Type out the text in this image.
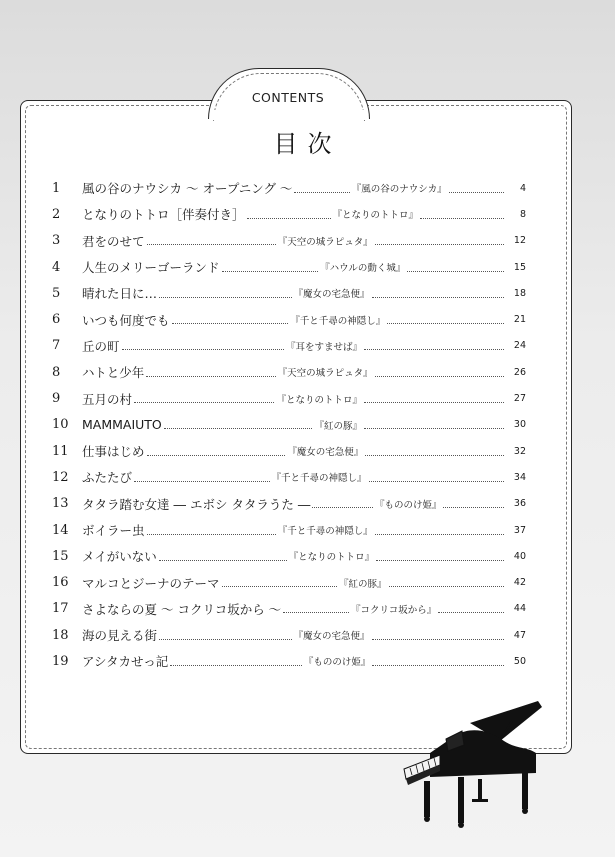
CONTENTS
目次
1	風の谷のナウシカ ～ オープニング ～	『風の谷のナウシカ』	4
2	となりのトトロ［伴奏付き］	『となりのトトロ』	8
3	君をのせて	『天空の城ラピュタ』	12
4	人生のメリーゴーランド	『ハウルの動く城』	15
5	晴れた日に…	『魔女の宅急便』	18
6	いつも何度でも	『千と千尋の神隠し』	21
7	丘の町	『耳をすませば』	24
8	ハトと少年	『天空の城ラピュタ』	26
9	五月の村	『となりのトトロ』	27
10	MAMMAIUTO	『紅の豚』	30
11	仕事はじめ	『魔女の宅急便』	32
12	ふたたび	『千と千尋の神隠し』	34
13	タタラ踏む女達 ― エボシ タタラうた ―	『もののけ姫』	36
14	ボイラー虫	『千と千尋の神隠し』	37
15	メイがいない	『となりのトトロ』	40
16	マルコとジーナのテーマ	『紅の豚』	42
17	さよならの夏 ～ コクリコ坂から ～	『コクリコ坂から』	44
18	海の見える街	『魔女の宅急便』	47
19	アシタカせっ記	『もののけ姫』	50
